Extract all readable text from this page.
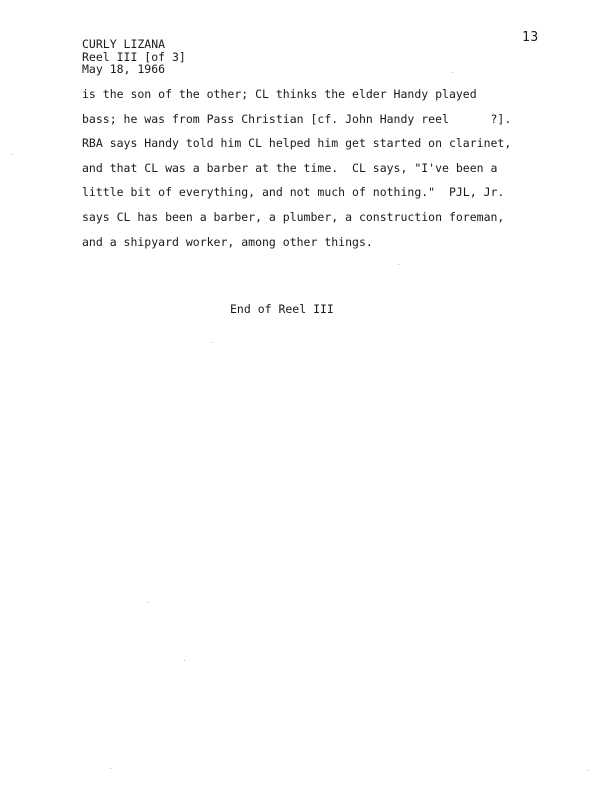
13
CURLY LIZANA
Reel III [of 3]
May 18, 1966
is the son of the other; CL thinks the elder Handy played
bass; he was from Pass Christian [cf. John Handy reel      ?].
RBA says Handy told him CL helped him get started on clarinet,
and that CL was a barber at the time.  CL says, "I've been a
little bit of everything, and not much of nothing."  PJL, Jr.
says CL has been a barber, a plumber, a construction foreman,
and a shipyard worker, among other things.
End of Reel III
